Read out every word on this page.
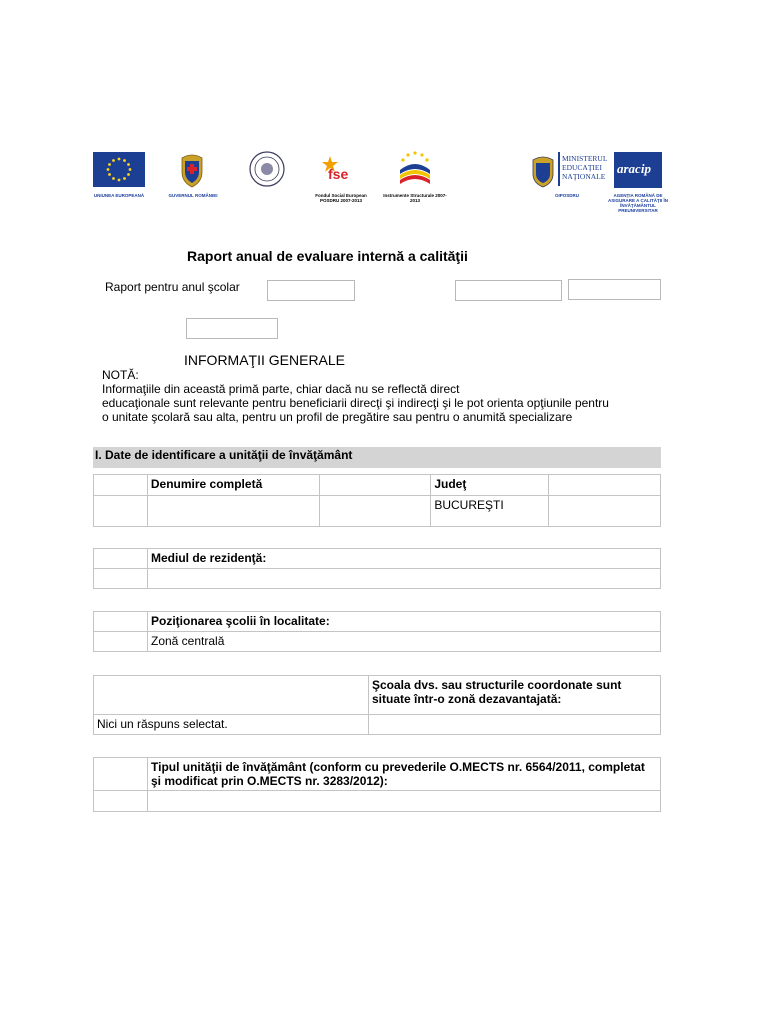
UNIUNEA EUROPEANĂ	GUVERNUL ROMÂNIEI
fse
Fondul Social European POSDRU 2007-2013
Instrumente Structurale 2007-2013
MINISTERUL EDUCAŢIEI NAŢIONALE
OIPOSDRU
aracip
AGENŢIA ROMÂNĂ DE ASIGURARE A CALITĂŢII ÎN ÎNVĂŢĂMÂNTUL PREUNIVERSITAR
Raport anual de evaluare internă a calităţii
Raport pentru anul şcolar
INFORMAŢII GENERALE
NOTĂ:
Informaţiile din această primă parte, chiar dacă nu se reflectă direct
educaţionale sunt relevante pentru beneficiarii direcţi şi indirecţi şi le pot orienta opţiunile pentru
o unitate şcolară sau alta, pentru un profil de pregătire sau pentru o anumită specializare
I. Date de identificare a unităţii de învăţământ
	Denumire completă		Judeţ	
			BUCUREŞTI	
	Mediul de rezidenţă:

	Poziţionarea şcolii în localitate:
	Zonă centrală
	Şcoala dvs. sau structurile coordonate sunt situate într-o zonă dezavantajată:
Nici un răspuns selectat.	
	Tipul unităţii de învăţământ (conform cu prevederile O.MECTS nr. 6564/2011, completat şi modificat prin O.MECTS nr. 3283/2012):
